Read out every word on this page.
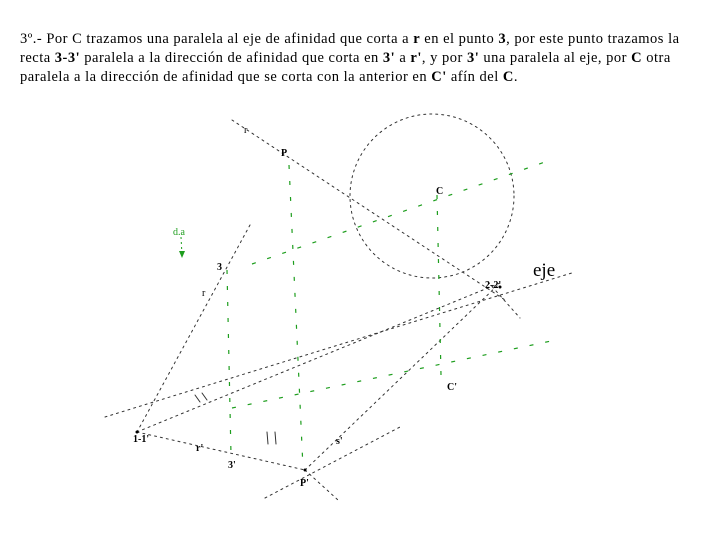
3º.- Por C trazamos una paralela al eje de afinidad que corta a r en el punto 3, por este punto trazamos la recta 3-3' paralela a la dirección de afinidad que corta en 3' a r', y por 3' una paralela al eje, por C otra paralela a la dirección de afinidad que se corta con la anterior en C' afín del C.
r
P
C
d.a
3
r
eje
2-2'
C'
1-1'
r'
3'
P'
s'
